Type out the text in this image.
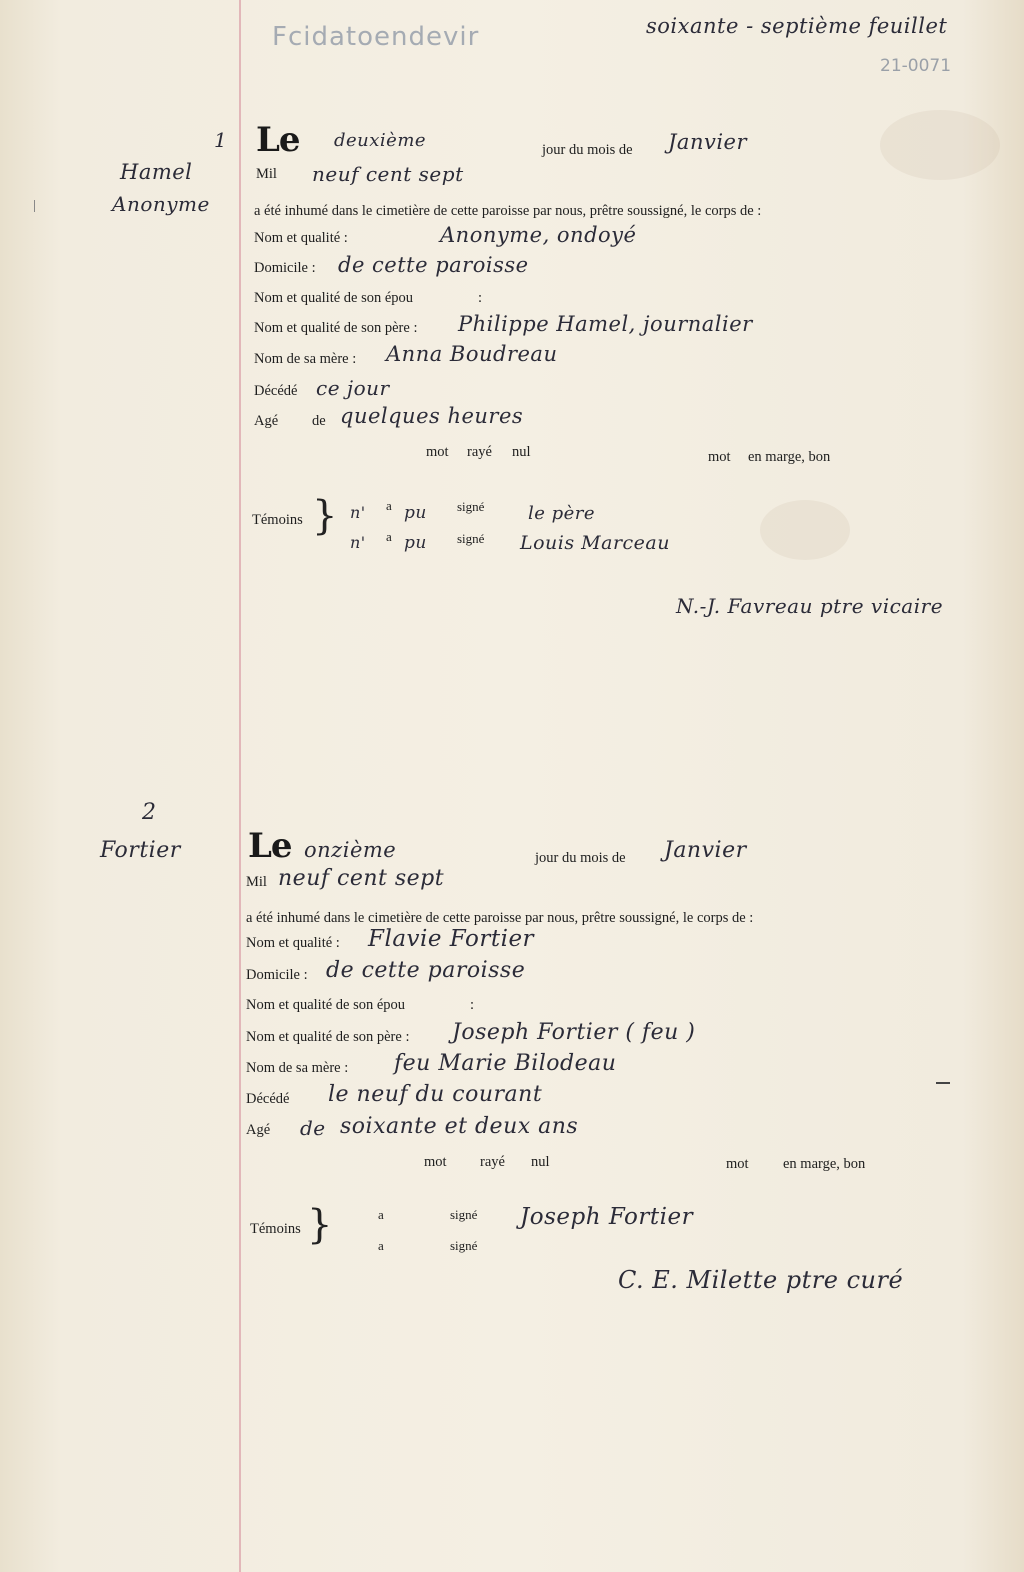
Fcidatoendevir	soixante - septième feuillet
21-0071
1
Hamel
Anonyme
Le deuxième	jour du mois de Janvier
Mil neuf cent sept
a été inhumé dans le cimetière de cette paroisse par nous, prêtre soussigné, le corps de :
Nom et qualité :	Anonyme, ondoyé
Domicile : de cette paroisse
Nom et qualité de son épou	:
Nom et qualité de son père : Philippe Hamel, journalier
Nom de sa mère : Anna Boudreau
Décédé ce jour
Agé de quelques heures
mot rayé nul	mot en marge, bon
Témoins } n' a pu signé le père
n' a pu signé Louis Marceau
N.-J. Favreau ptre vicaire
2
Fortier Le onzième	jour du mois de Janvier
Mil neuf cent sept
a été inhumé dans le cimetière de cette paroisse par nous, prêtre soussigné, le corps de :
Nom et qualité : Flavie Fortier
Domicile : de cette paroisse
Nom et qualité de son épou	:
Nom et qualité de son père : Joseph Fortier ( feu )
Nom de sa mère : feu Marie Bilodeau
Décédé le neuf du courant
Agé de soixante et deux ans
mot rayé nul	mot en marge, bon
Témoins }	a	signé Joseph Fortier
a	signé
C. E. Milette ptre curé
